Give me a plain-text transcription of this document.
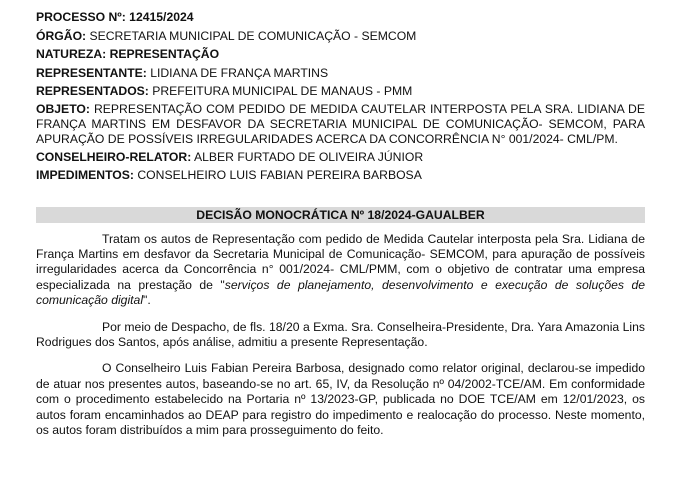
PROCESSO Nº: 12415/2024

ÓRGÃO: SECRETARIA MUNICIPAL DE COMUNICAÇÃO - SEMCOM

NATUREZA: REPRESENTAÇÃO

REPRESENTANTE: LIDIANA DE FRANÇA MARTINS

REPRESENTADOS: PREFEITURA MUNICIPAL DE MANAUS - PMM

OBJETO: REPRESENTAÇÃO COM PEDIDO DE MEDIDA CAUTELAR INTERPOSTA PELA SRA. LIDIANA DE FRANÇA MARTINS EM DESFAVOR DA SECRETARIA MUNICIPAL DE COMUNICAÇÃO- SEMCOM, PARA APURAÇÃO DE POSSÍVEIS IRREGULARIDADES ACERCA DA CONCORRÊNCIA N° 001/2024- CML/PM.

CONSELHEIRO-RELATOR: ALBER FURTADO DE OLIVEIRA JÚNIOR

IMPEDIMENTOS: CONSELHEIRO LUIS FABIAN PEREIRA BARBOSA

DECISÃO MONOCRÁTICA Nº 18/2024-GAUALBER

Tratam os autos de Representação com pedido de Medida Cautelar interposta pela Sra. Lidiana de França Martins em desfavor da Secretaria Municipal de Comunicação- SEMCOM, para apuração de possíveis irregularidades acerca da Concorrência n° 001/2024- CML/PMM, com o objetivo de contratar uma empresa especializada na prestação de "serviços de planejamento, desenvolvimento e execução de soluções de comunicação digital".

Por meio de Despacho, de fls. 18/20 a Exma. Sra. Conselheira-Presidente, Dra. Yara Amazonia Lins Rodrigues dos Santos, após análise, admitiu a presente Representação.

O Conselheiro Luis Fabian Pereira Barbosa, designado como relator original, declarou-se impedido de atuar nos presentes autos, baseando-se no art. 65, IV, da Resolução nº 04/2002-TCE/AM. Em conformidade com o procedimento estabelecido na Portaria nº 13/2023-GP, publicada no DOE TCE/AM em 12/01/2023, os autos foram encaminhados ao DEAP para registro do impedimento e realocação do processo. Neste momento, os autos foram distribuídos a mim para prosseguimento do feito.
